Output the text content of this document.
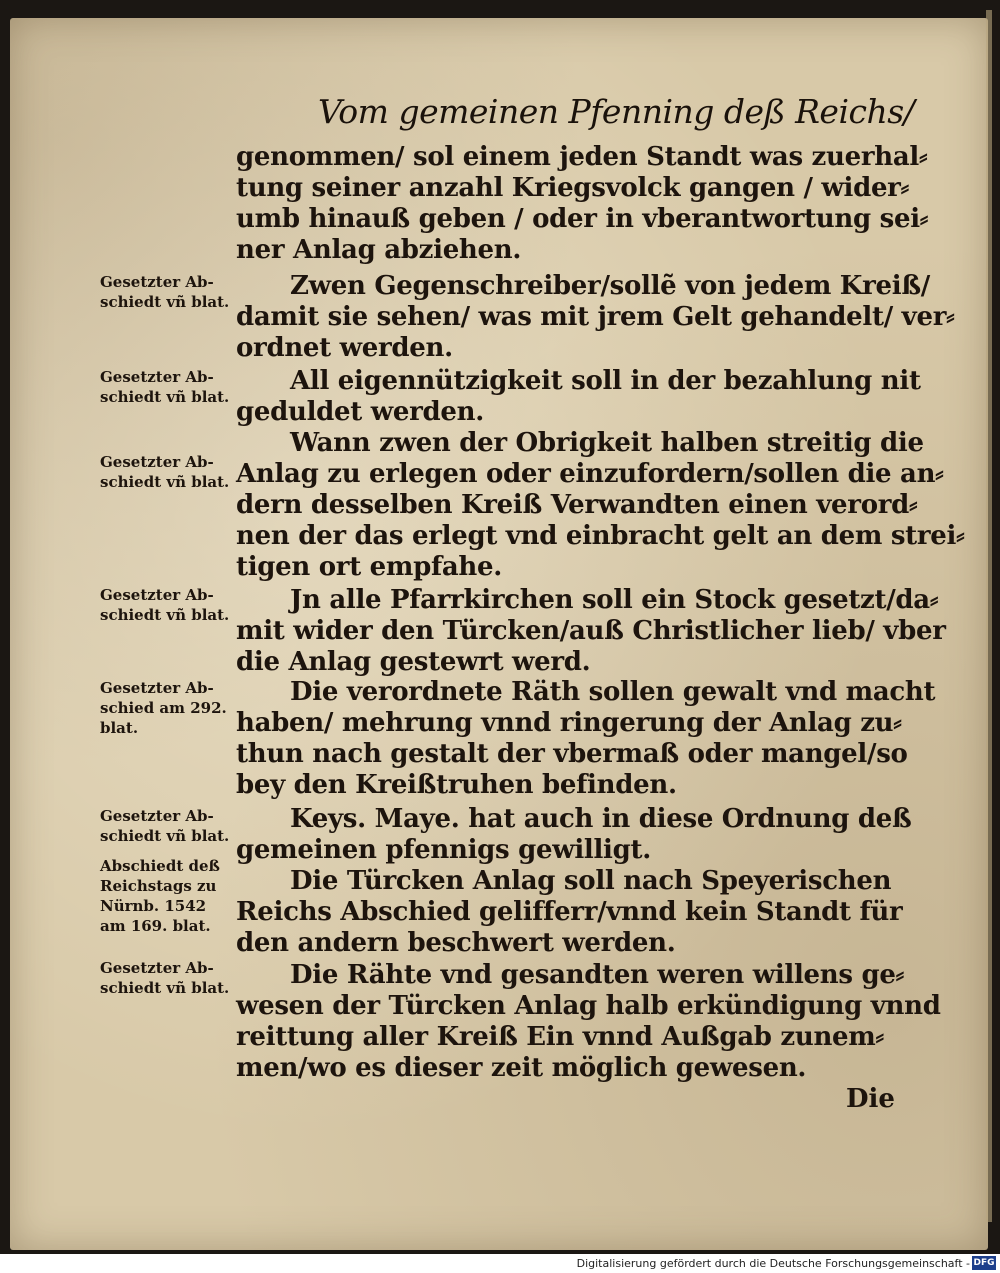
Vom gemeinen Pfenning deß Reichs/
genommen/ sol einem jeden Standt was zuerhal⸗
tung seiner anzahl Kriegsvolck gangen / wider⸗
umb hinauß geben / oder in vberantwortung sei⸗
ner Anlag abziehen.
Zwen Gegenschreiber/sollẽ von jedem Kreiß/
damit sie sehen/ was mit jrem Gelt gehandelt/ ver⸗
ordnet werden.
All eigennützigkeit soll in der bezahlung nit
geduldet werden.
Wann zwen der Obrigkeit halben streitig die
Anlag zu erlegen oder einzufordern/sollen die an⸗
dern desselben Kreiß Verwandten einen verord⸗
nen der das erlegt vnd einbracht gelt an dem strei⸗
tigen ort empfahe.
Jn alle Pfarrkirchen soll ein Stock gesetzt/da⸗
mit wider den Türcken/auß Christlicher lieb/ vber
die Anlag gestewrt werd.
Die verordnete Räth sollen gewalt vnd macht
haben/ mehrung vnnd ringerung der Anlag zu⸗
thun nach gestalt der vbermaß oder mangel/so
bey den Kreißtruhen befinden.
Keys. Maye. hat auch in diese Ordnung deß
gemeinen pfennigs gewilligt.
Die Türcken Anlag soll nach Speyerischen
Reichs Abschied gelifferr/vnnd kein Standt für
den andern beschwert werden.
Die Rähte vnd gesandten weren willens ge⸗
wesen der Türcken Anlag halb erkündigung vnnd
reittung aller Kreiß Ein vnnd Außgab zunem⸗
men/wo es dieser zeit möglich gewesen.
Gesetzter Ab-
schiedt vñ blat.
Gesetzter Ab-
schiedt vñ blat.
Gesetzter Ab-
schiedt vñ blat.
Gesetzter Ab-
schiedt vñ blat.
Gesetzter Ab-
schied am 292.
blat.
Gesetzter Ab-
schiedt vñ blat.
Abschiedt deß
Reichstags zu
Nürnb. 1542
am 169. blat.
Gesetzter Ab-
schiedt vñ blat.
Die
Digitalisierung gefördert durch die Deutsche Forschungsgemeinschaft - DFG
